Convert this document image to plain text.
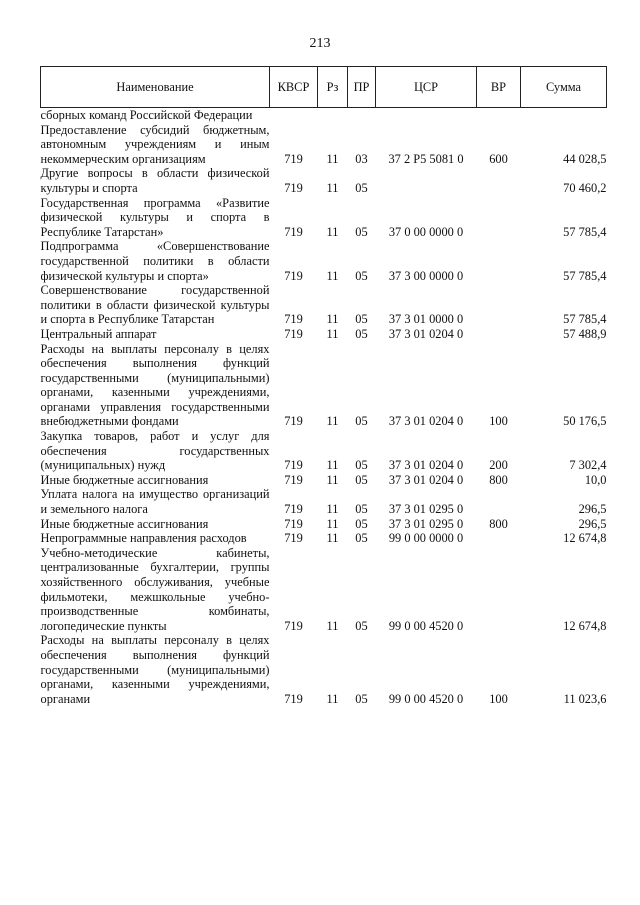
213
Наименование	КВСР	Рз	ПР	ЦСР	ВР	Сумма
сборных команд Российской Федерации						
Предоставление субсидий бюджетным, автономным учреждениям и иным некоммерческим организациям	719	11	03	37 2 Р5 5081 0	600	44 028,5
Другие вопросы в области физической культуры и спорта	719	11	05			70 460,2
Государственная программа «Развитие физической культуры и спорта в Республике Татарстан»	719	11	05	37 0 00 0000 0		57 785,4
Подпрограмма «Совершенствование государственной политики в области физической культуры и спорта»	719	11	05	37 3 00 0000 0		57 785,4
Совершенствование государственной политики в области физической культуры и спорта в Республике Татарстан	719	11	05	37 3 01 0000 0		57 785,4
Центральный аппарат	719	11	05	37 3 01 0204 0		57 488,9
Расходы на выплаты персоналу в целях обеспечения выполнения функций государственными (муниципальными) органами, казенными учреждениями, органами управления государственными внебюджетными фондами	719	11	05	37 3 01 0204 0	100	50 176,5
Закупка товаров, работ и услуг для обеспечения государственных (муниципальных) нужд	719	11	05	37 3 01 0204 0	200	7 302,4
Иные бюджетные ассигнования	719	11	05	37 3 01 0204 0	800	10,0
Уплата налога на имущество организаций и земельного налога	719	11	05	37 3 01 0295 0		296,5
Иные бюджетные ассигнования	719	11	05	37 3 01 0295 0	800	296,5
Непрограммные направления расходов	719	11	05	99 0 00 0000 0		12 674,8
Учебно-методические кабинеты, централизованные бухгалтерии, группы хозяйственного обслуживания, учебные фильмотеки, межшкольные учебно-производственные комбинаты, логопедические пункты	719	11	05	99 0 00 4520 0		12 674,8
Расходы на выплаты персоналу в целях обеспечения выполнения функций государственными (муниципальными) органами, казенными учреждениями, органами	719	11	05	99 0 00 4520 0	100	11 023,6
